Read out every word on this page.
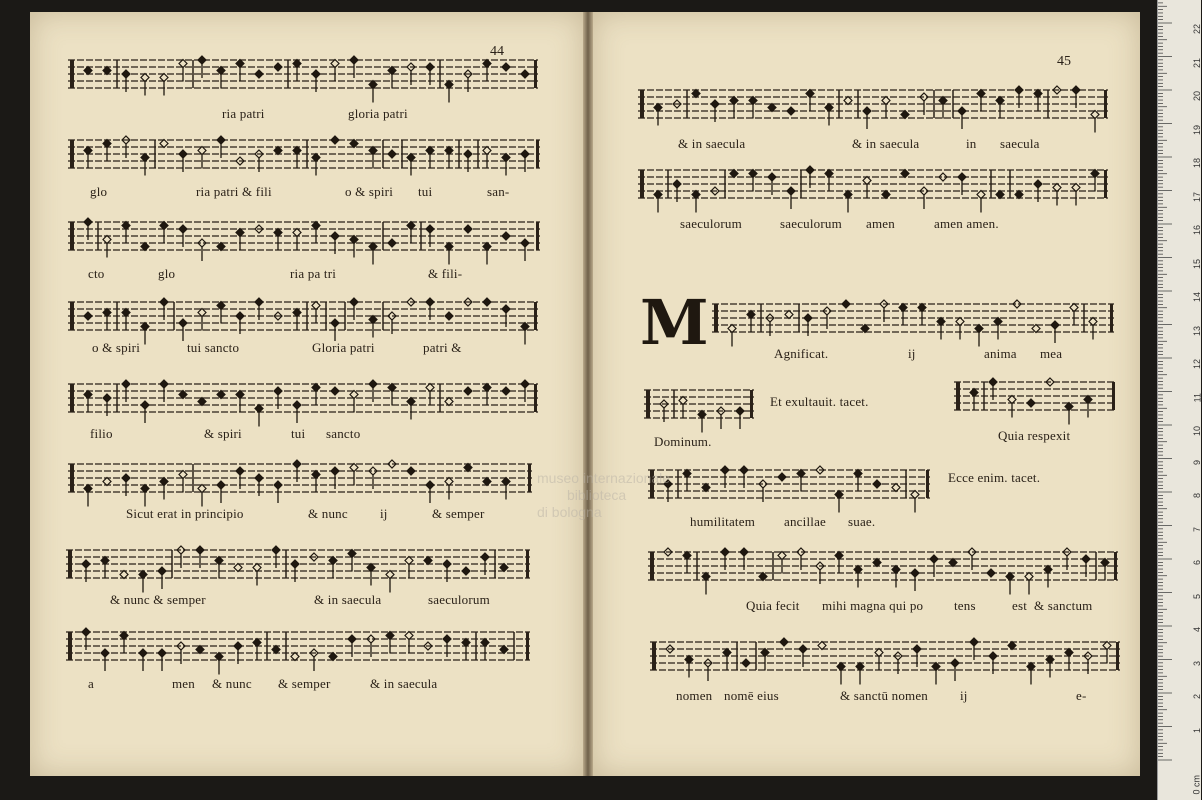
44
45
ria patri	gloria patri
glo	ria patri & fili	o & spiri tui	san-
cto	glo	ria pa tri	& fili-
o & spiri	tui sancto	Gloria patri	patri &
filio	& spiri	tui sancto
Sicut erat in principio	& nunc ij	& semper
& nunc & semper	& in saecula	saeculorum
a	men & nunc & semper	& in saecula
M
& in saecula	& in saecula	in saecula
saeculorum	saeculorum amen	amen amen.
Agnificat.	ij	anima mea
Dominum.	Quia respexit
Et exultauit. tacet.
Ecce enim. tacet.
humilitatem ancillae suae.
Quia fecit mihi magna qui po tens	est & sanctum
nomen nomē eius	& sanctū nomen ij	e-
museo internazionale
biblioteca
di bologna
1
2
3
4
5
6
7
8
9
10
11
12
13
14
15
16
17
18
19
20
21
22
0 cm
